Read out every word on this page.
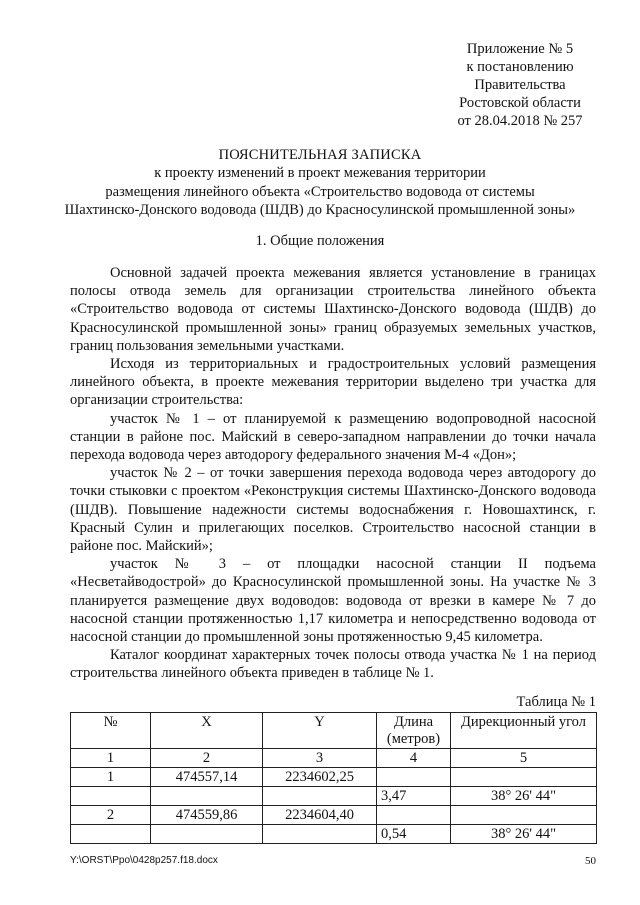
Приложение № 5
к постановлению
Правительства
Ростовской области
от 28.04.2018 № 257
ПОЯСНИТЕЛЬНАЯ ЗАПИСКА
к проекту изменений в проект межевания территории
размещения линейного объекта «Строительство водовода от системы
Шахтинско-Донского водовода (ШДВ) до Красносулинской промышленной зоны»
1. Общие положения

Основной задачей проекта межевания является установление в границах полосы отвода земель для организации строительства линейного объекта «Строительство водовода от системы Шахтинско-Донского водовода (ШДВ) до Красносулинской промышленной зоны» границ образуемых земельных участков, границ пользования земельными участками.

Исходя из территориальных и градостроительных условий размещения линейного объекта, в проекте межевания территории выделено три участка для организации строительства:

участок № 1 – от планируемой к размещению водопроводной насосной станции в районе пос. Майский в северо-западном направлении до точки начала перехода водовода через автодорогу федерального значения М-4 «Дон»;

участок № 2 – от точки завершения перехода водовода через автодорогу до точки стыковки с проектом «Реконструкция системы Шахтинско-Донского водовода (ШДВ). Повышение надежности системы водоснабжения г. Новошахтинск, г. Красный Сулин и прилегающих поселков. Строительство насосной станции в районе пос. Майский»;

участок № 3 – от площадки насосной станции II подъема «Несветайводострой» до Красносулинской промышленной зоны. На участке № 3 планируется размещение двух водоводов: водовода от врезки в камере № 7 до насосной станции протяженностью 1,17 километра и непосредственно водовода от насосной станции до промышленной зоны протяженностью 9,45 километра.

Каталог координат характерных точек полосы отвода участка № 1 на период строительства линейного объекта приведен в таблице № 1.

Таблица № 1
№	X	Y	Длина (метров)	Дирекционный угол
1	2	3	4	5
1	474557,14	2234602,25		
			3,47	38° 26' 44"
2	474559,86	2234604,40		
			0,54	38° 26' 44"
Y:\ORST\Ppo\0428p257.f18.docx	50
